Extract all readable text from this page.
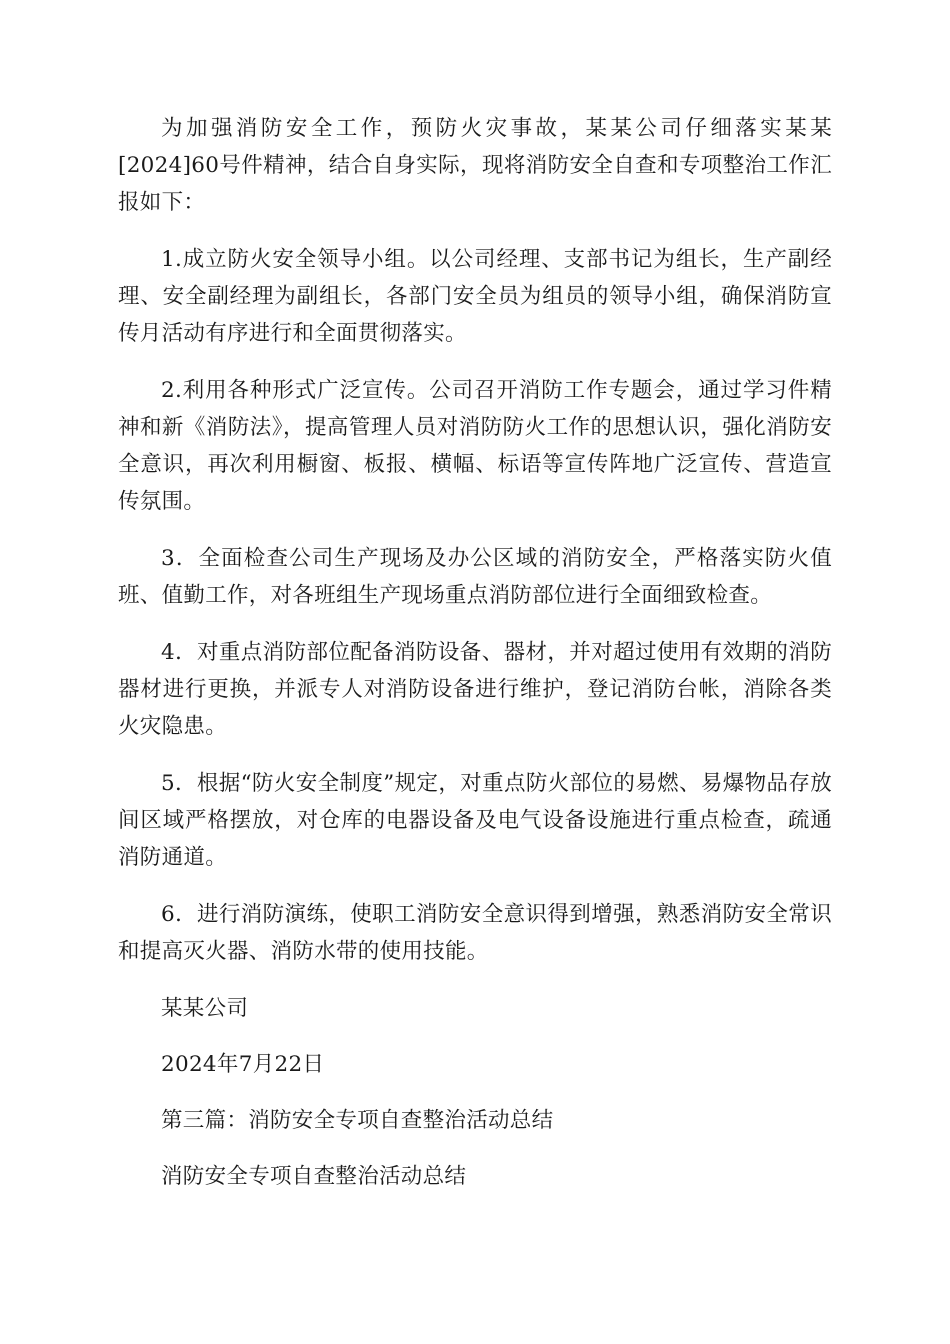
为加强消防安全工作，预防火灾事故，某某公司仔细落实某某[2024]60号件精神，结合自身实际，现将消防安全自查和专项整治工作汇报如下：

1.成立防火安全领导小组。以公司经理、支部书记为组长，生产副经理、安全副经理为副组长，各部门安全员为组员的领导小组，确保消防宣传月活动有序进行和全面贯彻落实。

2.利用各种形式广泛宣传。公司召开消防工作专题会，通过学习件精神和新《消防法》，提高管理人员对消防防火工作的思想认识，强化消防安全意识，再次利用橱窗、板报、横幅、标语等宣传阵地广泛宣传、营造宣传氛围。

3．全面检查公司生产现场及办公区域的消防安全，严格落实防火值班、值勤工作，对各班组生产现场重点消防部位进行全面细致检查。

4．对重点消防部位配备消防设备、器材，并对超过使用有效期的消防器材进行更换，并派专人对消防设备进行维护，登记消防台帐，消除各类火灾隐患。

5．根据“防火安全制度”规定，对重点防火部位的易燃、易爆物品存放间区域严格摆放，对仓库的电器设备及电气设备设施进行重点检查，疏通消防通道。

6．进行消防演练，使职工消防安全意识得到增强，熟悉消防安全常识和提高灭火器、消防水带的使用技能。

某某公司

2024年7月22日

第三篇：消防安全专项自查整治活动总结

消防安全专项自查整治活动总结
